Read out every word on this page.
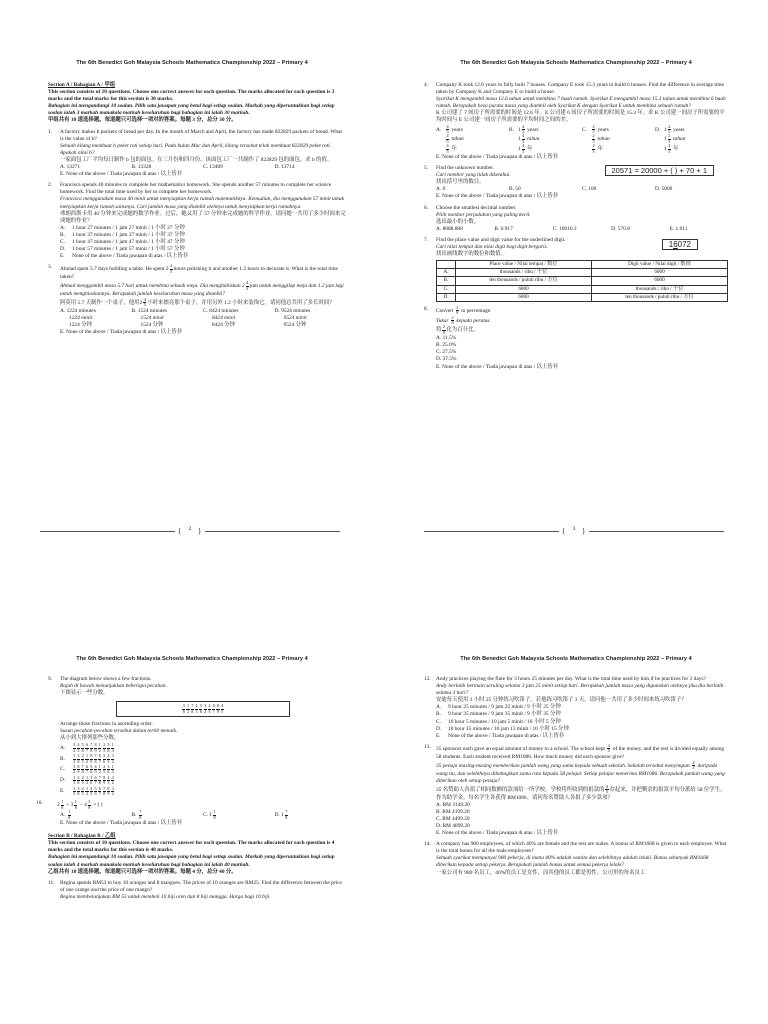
The 6th Benedict Goh Malaysia Schools Mathematics Championship 2022 – Primary 4
Section A / Bahagian A / 甲组
This section consists of 10 questions. Choose one correct answer for each question. The marks allocated for each question is 3 marks and the total marks for this section is 30 marks.
Bahagian ini mengandungi 10 soalan. Pilih satu jawapan yang betul bagi setiap soalan. Markah yang diperuntukkan bagi setiap soalan ialah 3 markah manakala markah keseluruhan bagi bahagian ini ialah 30 markah.
甲组共有 10 道选择题。每道题只可选择一项对的答案。每题 3 分，总分 30 分。
1. A factory makes b packets of bread per day. In the month of March and April, the factory has made 822829 packets of bread. What is the value of b?
Sebuah kilang membuat b peket roti setiap hari. Pada bulan Mac dan April, kilang tersebut telah membuat 822829 peket roti. Apakah nilai b?
一家面包工厂平均每日制作 b 包的面包。在三月份和四月份，该面包工厂一共制作了 822829 包的面包。求 b 的值。
A. 13271	B. 13328	C. 13489	D. 13714
E. None of the above / Tiada jawapan di atas / 以上皆非
2. Francisca spends 40 minutes to complete her mathematics homework. She spends another 57 minutes to complete her science homework. Find the total time used by her to complete her homework.
Francisca menggunakan masa 40 minit untuk menyiapkan kerja rumah matematiknya. Kemudian, dia menggunakan 57 minit untuk menyiapkan kerja rumah sainsnya. Cari jumlah masa yang diambil olehnya untuk menyiapkan kerja rumahnya.
弗朗西斯卡用 40 分钟来完成她的数学作业。过后，她又用了 57 分钟来完成她的科学作业。请问她一共用了多少时间来完成她的作业？
A.	1 hour 27 minutes / 1 jam 27 minit / 1 小时 27 分钟
B.	1 hour 37 minutes / 1 jam 37 minit / 1 小时 37 分钟
C.	1 hour 47 minutes / 1 jam 47 minit / 1 小时 47 分钟
D.	1 hour 57 minutes / 1 jam 57 minit / 1 小时 57 分钟
E.	None of the above / Tiada jawapan di atas / 以上皆非
3. Ahmad spent 5.7 days building a table. He spent $2 \frac{4}{5}$ hours polishing it and another 1.2 hours to decorate it. What is the total time taken?
Ahmad menggambil masa 5.7 hari untuk membina sebuah meja. Dia menghabiskan $2 \frac{4}{5}$ jam untuk menggilap meja dan 1.2 jam lagi untuk menghiaskannya. Berapakah jumlah keseluruhan masa yang diambil?
阿莫用 5.7 天制作一个桌子。他用$2 \frac{4}{5}$ 小时来擦亮那个桌子，并用另外 1.2 小时来装饰它。请问他总共用了多长时间？
A. 1224 minutes	B. 1524 minutes	C. 8424 minutes	D. 9524 minutes
1224 minit	1524 minit	8424 minit	9524 minit
1224 分钟	1524 分钟	8424 分钟	9524 分钟
E. None of the above / Tiada jawapan di atas / 以上皆非
{	2 }
The 6th Benedict Goh Malaysia Schools Mathematics Championship 2022 – Primary 4
4. Company K took 12.6 years to fully built 7 houses. Company E took 15.3 years to build 6 houses. Find the difference in average time taken by Company K and Company E to build a house.
Syarikat K mengambil masa 12.6 tahun untuk membina 7 buah rumah. Syarikat E mengambil masa 15.3 tahun untuk membina 6 buah rumah. Berapakah beza purata masa yang diambil oleh Syarikat K dengan Syarikat E untuk membina sebuah rumah?
K 公司建了 7 间房子所需要的时间是 12.6 年。E 公司建 6 间房子所需要的时间是 15.3 年。求 K 公司建一间房子所需要的平均时间与 E 公司建一间房子所需要的平均时间之间的差。
A. $\frac{4}{5}$ years
$\frac{4}{5}$ tahun
$\frac{4}{5}$ 年
$B.1 \frac{4}{5}$ years
$1 \frac{4}{5}$ tahun
$1 \frac{4}{5}$ 年
C. $\frac{2}{5}$ years
$\frac{2}{5}$ tahun
$\frac{2}{5}$ 年
$D.1 \frac{2}{5}$ years
$1 \frac{2}{5}$ tahun
$1 \frac{2}{5}$ 年
E. None of the above / Tiada jawapan di atas / 以上皆非
5. Find the unknown number.
Cari nombor yang tidak diketahui.
找出括号里的数目。
20571 = 20000 + ( ) + 70 + 1
A. 0	B. 50	C. 100	D. 5000
E. None of the above / Tiada jawapan di atas / 以上皆非
6. Choose the smallest decimal number.
Pilih nombor perpuluhan yang paling kecil.
选出最小的小数。
A. 8088.888	B. 0.917	C. 10010.3	D. 570.8	E. 1.011
7. Find the place value and digit value for the underlined digit.
Cari nilai tempat dan nilai digit bagi digit bergaris.
找出画线数字的数位和数值。
16072
	Place value / Nilai tempat / 数位	Digit value / Nilai digit / 数值
A.	thousands / ribu / 千位	6000
B.	ten thousands / puluh ribu / 万位	6000
C.	6000	thousands / ribu / 千位
D.	6000	ten thousands / puluh ribu / 万位
8. Convert $\frac{2}{8}$ to percentage.
Tukar $\frac{2}{8}$ kepada peratus.
将 $\frac{2}{8}$ 化为百分比。
A. 11.5%
B. 25.0%
C. 27.5%
D. 37.5%
E. None of the above / Tiada jawapan di atas / 以上皆非
{	3 }
The 6th Benedict Goh Malaysia Schools Mathematics Championship 2022 – Primary 4
9. The diagram below shows a few fractions.
Rajah di bawah menunjukkan beberapa pecahan.
下图显示一些分数。
$\frac{3}{8} \frac{1}{2} \frac{7}{8} \frac{1}{3} \frac{5}{6} \frac{3}{2} \frac{2}{5} \frac{6}{7} \frac{8}{9} \frac{4}{5}$
Arrange those fractions in ascending order.
Susun pecahan-pecahan tersebut dalam tertib menaik.
从小到大排列那些分数。
A.	$\frac{3}{2} \frac{4}{5} \frac{5}{6} \frac{6}{7} \frac{7}{8} \frac{8}{9} \frac{1}{2} \frac{2}{5} \frac{3}{8} \frac{1}{3}$
B.	$\frac{1}{3} \frac{3}{8} \frac{2}{5} \frac{1}{2} \frac{8}{9} \frac{7}{8} \frac{6}{7} \frac{5}{6} \frac{4}{5} \frac{3}{2}$
C.	$\frac{3}{2} \frac{8}{9} \frac{7}{8} \frac{6}{7} \frac{5}{6} \frac{4}{5} \frac{1}{2} \frac{2}{5} \frac{3}{8} \frac{1}{3}$
D.	$\frac{1}{3} \frac{3}{8} \frac{2}{5} \frac{1}{2} \frac{5}{6} \frac{6}{7} \frac{7}{8} \frac{8}{9} \frac{4}{5} \frac{3}{2}$
E.	$\frac{1}{3} \frac{3}{8} \frac{2}{5} \frac{1}{2} \frac{4}{5} \frac{5}{6} \frac{6}{7} \frac{7}{8} \frac{8}{9} \frac{3}{2}$
10.	$2 \frac{1}{8} + 3 \frac{1}{8} - 4 \frac{3}{8}$ = ( )
A. $\frac{1}{8}$	B. $\frac{7}{8}$	C. $1 \frac{1}{8}$	D. $1 \frac{7}{8}$
E. None of the above / Tiada jawapan di atas / 以上皆非
Section B / Bahagian B / 乙组
This section consists of 10 questions. Choose one correct answer for each question. The marks allocated for each question is 4 marks and the total marks for this section is 40 marks.
Bahagian ini mengandungi 10 soalan. Pilih satu jawapan yang betul bagi setiap soalan. Markah yang diperuntukkan bagi setiap soalan ialah 4 markah manakala markah keseluruhan bagi bahagian ini ialah 40 markah.
乙组共有 10 道选择题。每道题只可选择一项对的答案。每题 4 分，总分 40 分。
11. Regina spends RM53 to buy 10 oranges and 8 mangoes. The prices of 10 oranges are RM25. Find the difference between the price of one orange and the price of one mango?
Regina membelanjakan RM 53 untuk membeli 10 biji oren dan 8 biji mangga. Harga bagi 10 biji
The 6th Benedict Goh Malaysia Schools Mathematics Championship 2022 – Primary 4
12. Andy practices playing the flute for 3 hours 25 minutes per day. What is the total time used by him if he practices for 3 days?
Andy berlatih bermain seruling selama 3 jam 25 minit setiap hari. Berapakah jumlah masa yang digunakan olehnya jika dia berlatih selama 3 hari?
安迪每天使用 3 小时 25 分钟练习吹笛子。若他练习吹笛子 3 天，请问他一共用了多少时间来练习吹笛子？
A.	9 hour 25 minutes / 9 jam 25 minit / 9 小时 25 分钟
B.	9 hour 35 minutes / 9 jam 35 minit / 9 小时 35 分钟
C.	10 hour 5 minutes / 10 jam 5 minit / 10 小时 5 分钟
D.	10 hour 15 minutes / 10 jam 15 minit / 10 小时 15 分钟
E.	None of the above / Tiada jawapan di atas / 以上皆非
13. 35 sponsors each gave an equal amount of money to a school. The school kept $\frac{4}{5}$ of the money, and the rest is divided equally among 58 students. Each student received RM1086. How much money did each sponsor give?
35 penaja masing-masing memberikan jumlah wang yang sama kepada sebuah sekolah. Sekolah tersebut menyimpan $\frac{4}{5}$ daripada wang itu, dan selebihnya dibahagikan sama rata kepada 58 pelajar. Setiap pelajar menerima RM1086. Berapakah jumlah wang yang diberikan oleh setiap penaja?
35 名赞助人各捐了相同数额的款项给一所学校。学校将所收到的捐款的 $\frac{4}{5}$ 存起来，并把剩余的捐款平均分派给 58 位学生，作为助学金。每名学生各获得 RM1086。请问每名赞助人各捐了多少款项？
A. RM 3149.20
B. RM 4199.20
C. RM 4499.20
D. RM 4899.20
E. None of the above / Tiada jawapan di atas / 以上皆非
14. A company has 980 employees, of which 40% are female and the rest are males. A bonus of RM1668 is given to each employee. What is the total bonus for all the male employees?
Sebuah syarikat mempunyai 980 pekerja, di mana 40% adalah wanita dan selebihnya adalah lelaki. Bonus sebanyak RM1668 diberikan kepada setiap pekerja. Berapakah jumlah bonus untuk semua pekerja lelaki?
一家公司有 980 名员工，40%的员工是女性，而其他的员工都是男性。公司里的每名员工
